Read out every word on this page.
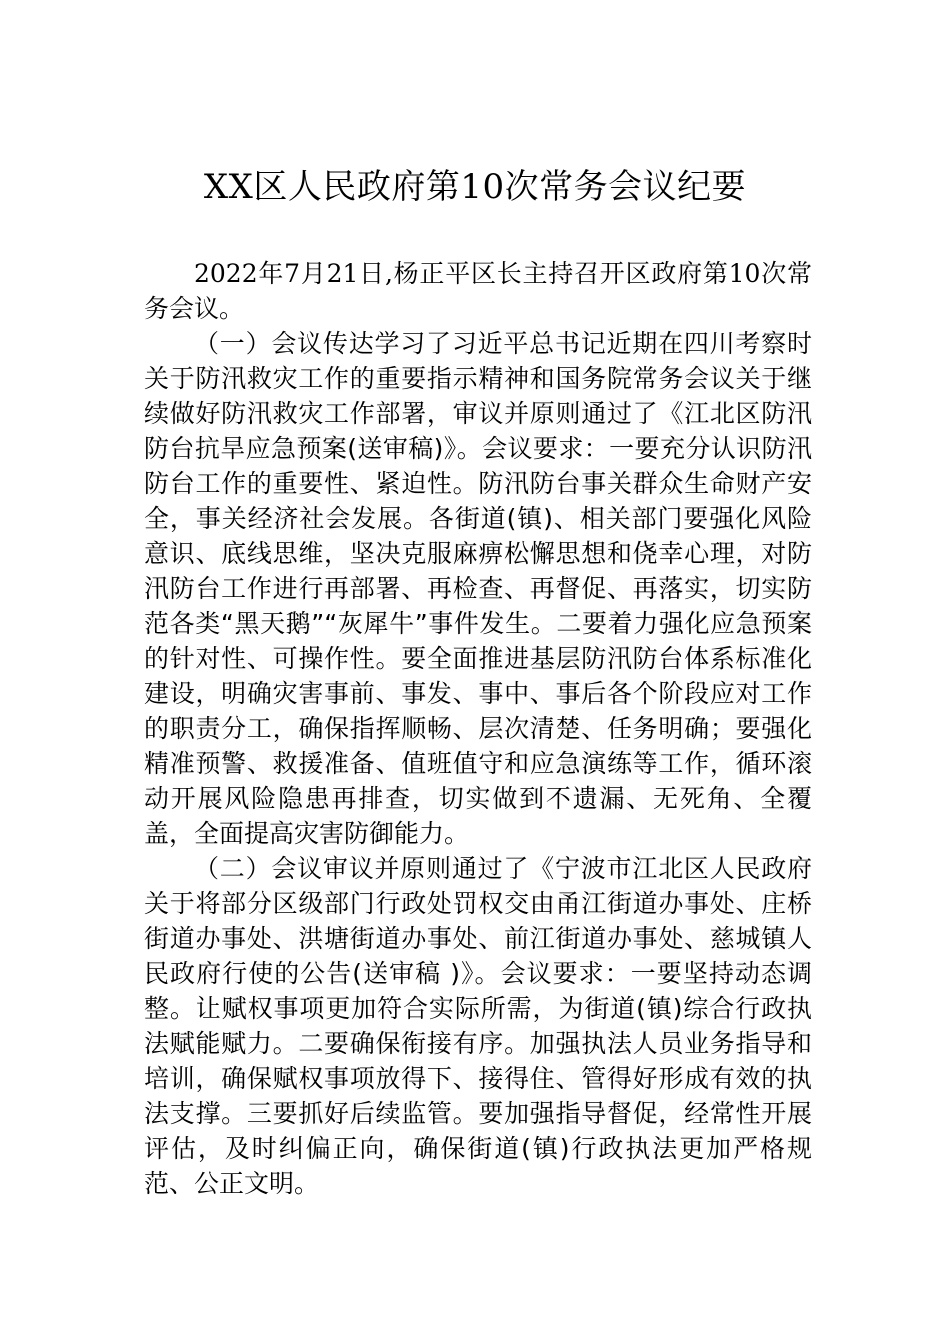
XX区人民政府第10次常务会议纪要

2022年7月21日,杨正平区长主持召开区政府第10次常务会议。

（一）会议传达学习了习近平总书记近期在四川考察时关于防汛救灾工作的重要指示精神和国务院常务会议关于继续做好防汛救灾工作部署，审议并原则通过了《江北区防汛防台抗旱应急预案(送审稿)》。会议要求：一要充分认识防汛防台工作的重要性、紧迫性。防汛防台事关群众生命财产安全，事关经济社会发展。各街道(镇)、相关部门要强化风险意识、底线思维，坚决克服麻痹松懈思想和侥幸心理，对防汛防台工作进行再部署、再检查、再督促、再落实，切实防范各类“黑天鹅”“灰犀牛”事件发生。二要着力强化应急预案的针对性、可操作性。要全面推进基层防汛防台体系标准化建设，明确灾害事前、事发、事中、事后各个阶段应对工作的职责分工，确保指挥顺畅、层次清楚、任务明确；要强化精准预警、救援准备、值班值守和应急演练等工作，循环滚动开展风险隐患再排查，切实做到不遗漏、无死角、全覆盖，全面提高灾害防御能力。

（二）会议审议并原则通过了《宁波市江北区人民政府关于将部分区级部门行政处罚权交由甬江街道办事处、庄桥街道办事处、洪塘街道办事处、前江街道办事处、慈城镇人民政府行使的公告(送审稿 )》。会议要求：一要坚持动态调整。让赋权事项更加符合实际所需，为街道(镇)综合行政执法赋能赋力。二要确保衔接有序。加强执法人员业务指导和培训，确保赋权事项放得下、接得住、管得好形成有效的执法支撑。三要抓好后续监管。要加强指导督促，经常性开展评估，及时纠偏正向，确保街道(镇)行政执法更加严格规范、公正文明。
